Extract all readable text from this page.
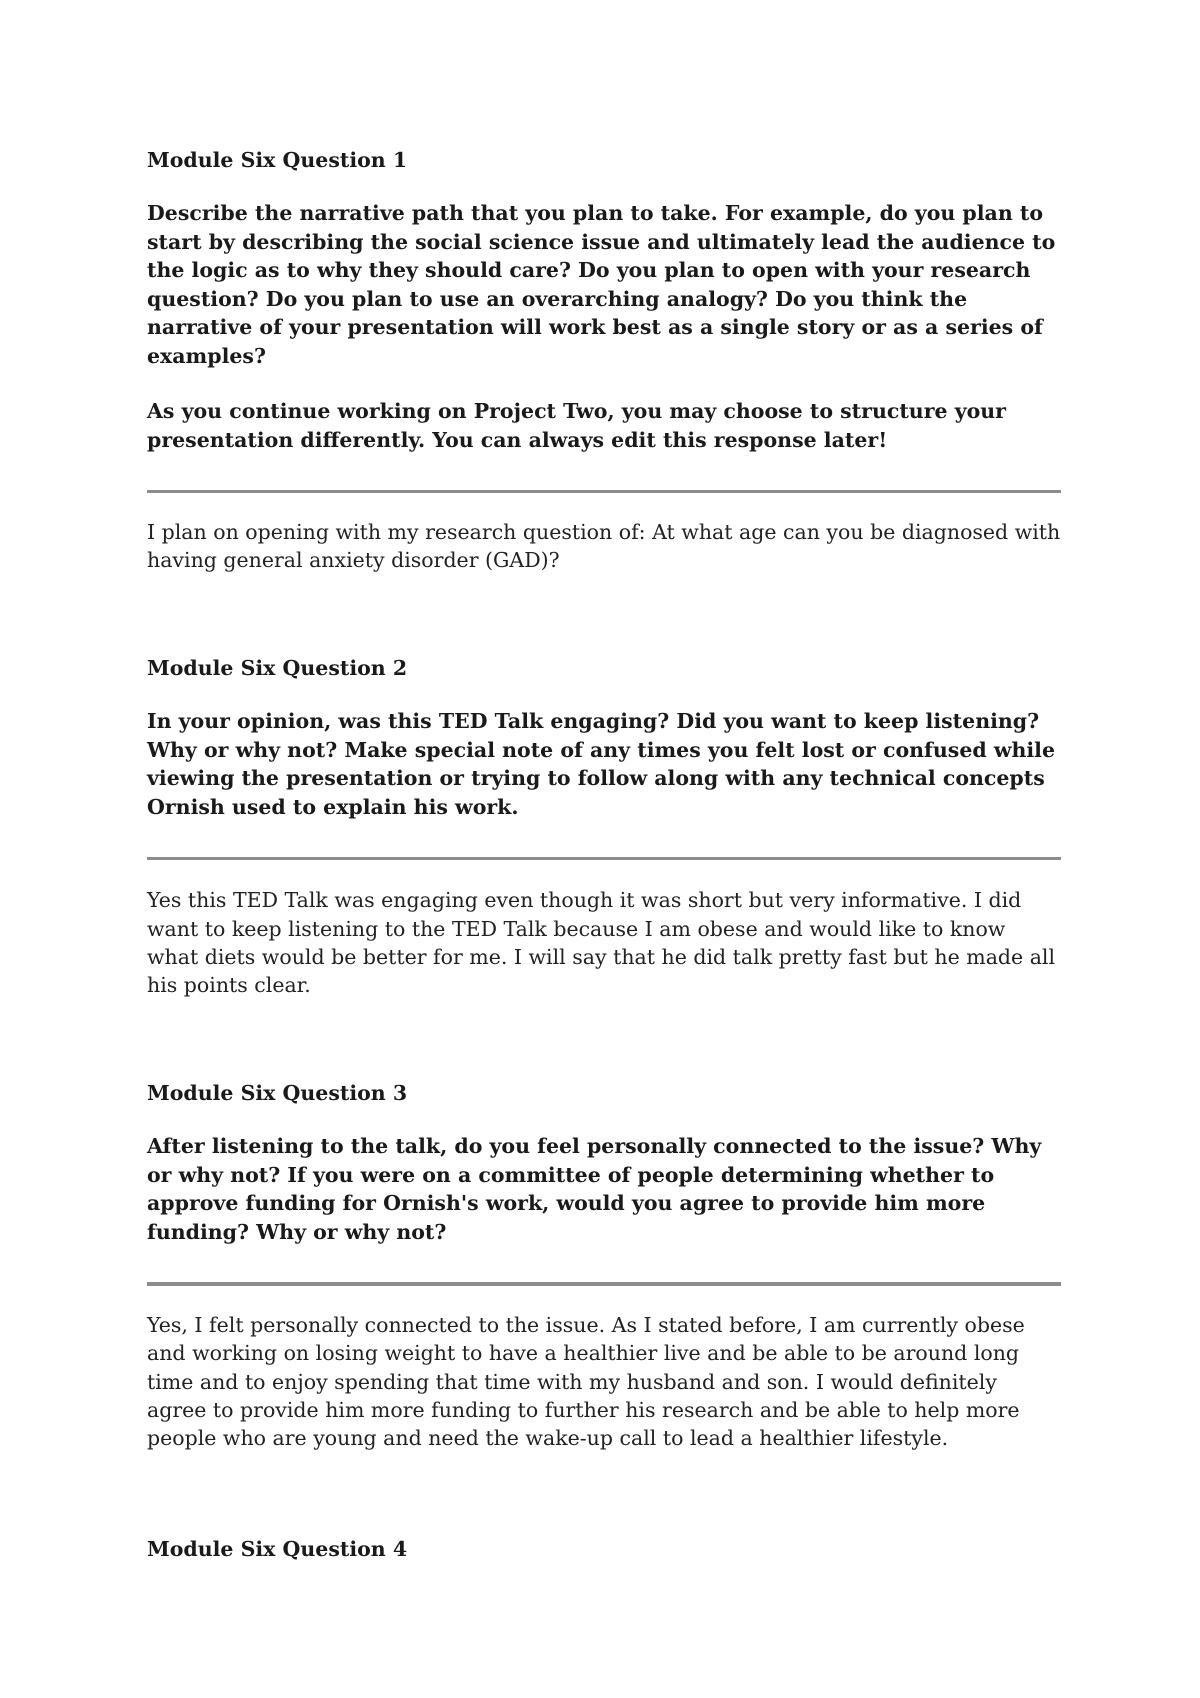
Module Six Question 1

Describe the narrative path that you plan to take. For example, do you plan to start by describing the social science issue and ultimately lead the audience to the logic as to why they should care? Do you plan to open with your research question? Do you plan to use an overarching analogy? Do you think the narrative of your presentation will work best as a single story or as a series of examples?

As you continue working on Project Two, you may choose to structure your presentation differently. You can always edit this response later!

I plan on opening with my research question of: At what age can you be diagnosed with having general anxiety disorder (GAD)?

Module Six Question 2

In your opinion, was this TED Talk engaging? Did you want to keep listening? Why or why not? Make special note of any times you felt lost or confused while viewing the presentation or trying to follow along with any technical concepts Ornish used to explain his work.

Yes this TED Talk was engaging even though it was short but very informative. I did want to keep listening to the TED Talk because I am obese and would like to know what diets would be better for me. I will say that he did talk pretty fast but he made all his points clear.

Module Six Question 3

After listening to the talk, do you feel personally connected to the issue? Why or why not? If you were on a committee of people determining whether to approve funding for Ornish's work, would you agree to provide him more funding? Why or why not?

Yes, I felt personally connected to the issue. As I stated before, I am currently obese and working on losing weight to have a healthier live and be able to be around long time and to enjoy spending that time with my husband and son. I would definitely agree to provide him more funding to further his research and be able to help more people who are young and need the wake-up call to lead a healthier lifestyle.

Module Six Question 4
